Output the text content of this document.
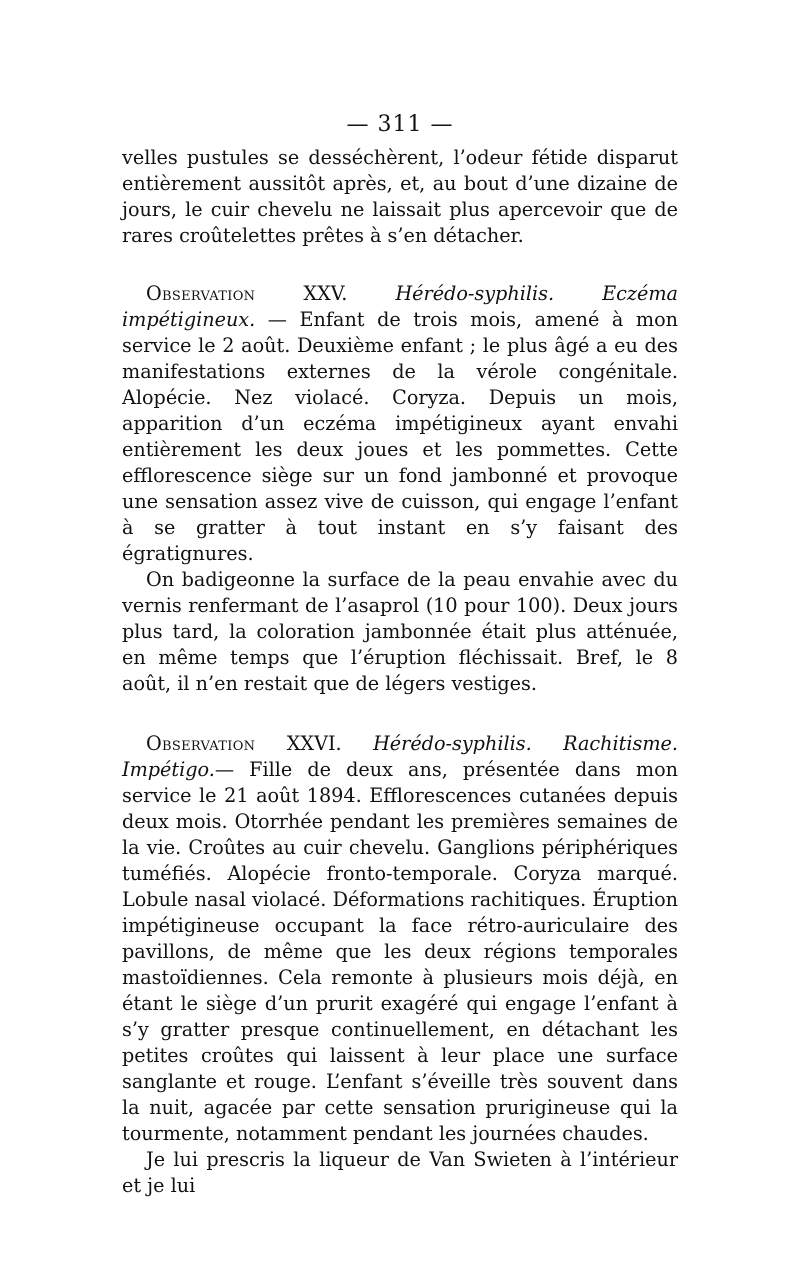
— 311 —

velles pustules se desséchèrent, l’odeur fétide disparut entièrement aussitôt après, et, au bout d’une dizaine de jours, le cuir chevelu ne laissait plus apercevoir que de rares croûtelettes prêtes à s’en détacher.

Observation	XXV.	Hérédo-syphilis. Eczéma impétigineux. — Enfant de trois mois, amené à mon service le 2 août. Deuxième enfant ; le plus âgé a eu des manifestations externes de la vérole congénitale. Alopécie. Nez violacé. Coryza. Depuis un mois, apparition d’un eczéma impétigineux ayant envahi entièrement les deux joues et les pommettes. Cette efflorescence siège sur un fond jambonné et provoque une sensation assez vive de cuisson, qui engage l’enfant à se gratter à tout instant en s’y faisant des égratignures.

On badigeonne la surface de la peau envahie avec du vernis renfermant de l’asaprol (10 pour 100). Deux jours plus tard, la coloration jambonnée était plus atténuée, en même temps que l’éruption fléchissait. Bref, le 8 août, il n’en restait que de légers vestiges.

Observation XXVI. Hérédo-syphilis. Rachitisme. Impétigo.— Fille de deux ans, présentée dans mon service le 21 août 1894. Efflorescences cutanées depuis deux mois. Otorrhée pendant les premières semaines de la vie. Croûtes au cuir chevelu. Ganglions périphériques tuméfiés. Alopécie fronto-temporale. Coryza marqué. Lobule nasal violacé. Déformations rachitiques. Éruption impétigineuse occupant la face rétro-auriculaire des pavillons, de même que les deux régions temporales mastoïdiennes. Cela remonte à plusieurs mois déjà, en étant le siège d’un prurit exagéré qui engage l’enfant à s’y gratter presque continuellement, en détachant les petites croûtes qui laissent à leur place une surface sanglante et rouge. L’enfant s’éveille très souvent dans la nuit, agacée par cette sensation prurigineuse qui la tourmente, notamment pendant les journées chaudes.

Je lui prescris la liqueur de Van Swieten à l’intérieur et je lui
